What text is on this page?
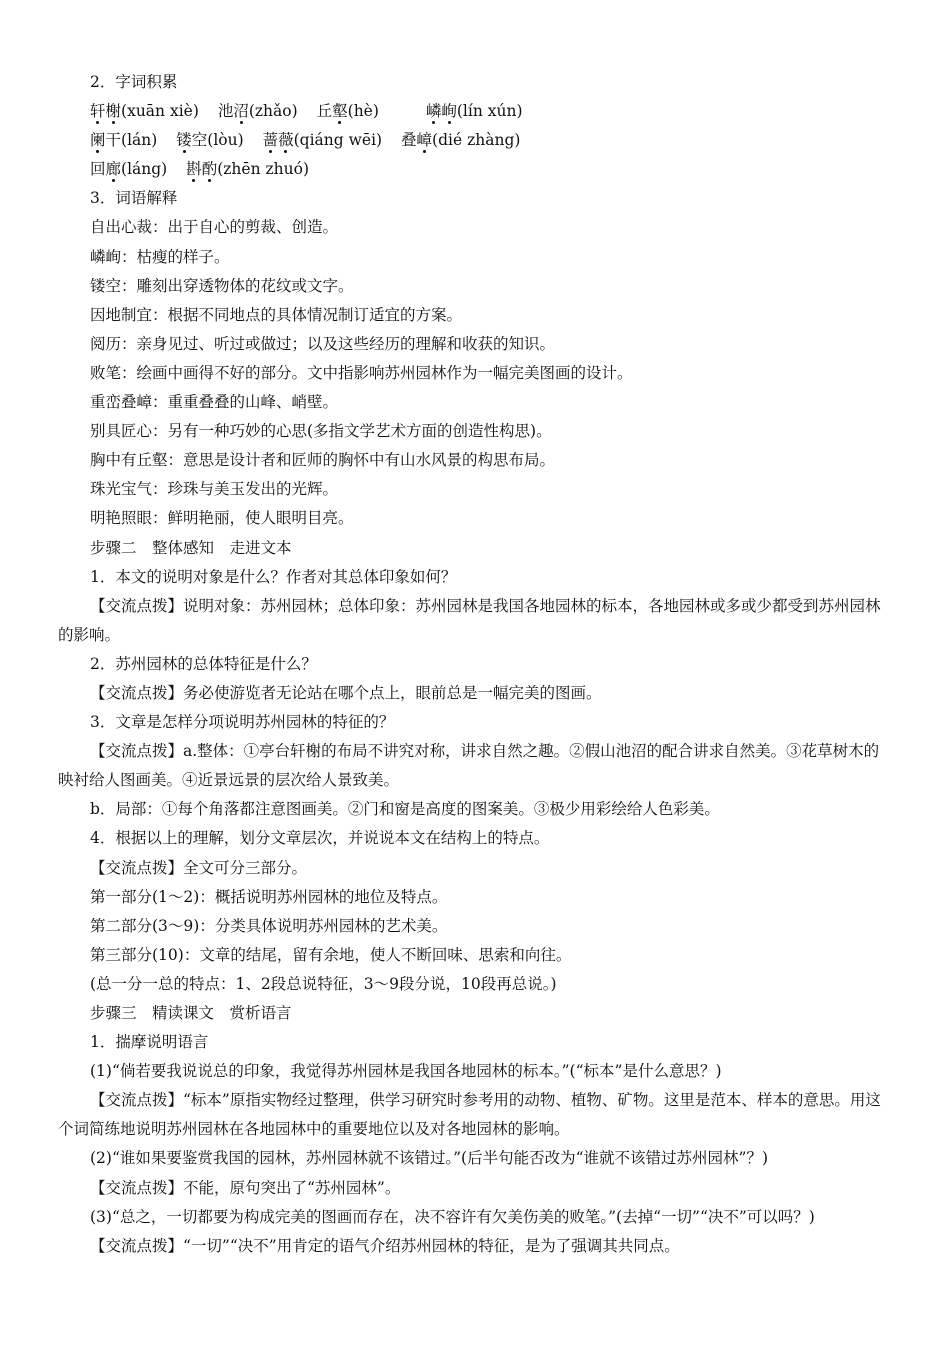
2．字词积累
轩榭(xuān xiè) 池沼(zhǎo) 丘壑(hè)	嶙峋(lín xún)
阑干(lán) 镂空(lòu) 蔷薇(qiáng wēi) 叠嶂(dié zhàng)
回廊(láng) 斟酌(zhēn zhuó)
3．词语解释
自出心裁：出于自心的剪裁、创造。
嶙峋：枯瘦的样子。
镂空：雕刻出穿透物体的花纹或文字。
因地制宜：根据不同地点的具体情况制订适宜的方案。
阅历：亲身见过、听过或做过；以及这些经历的理解和收获的知识。
败笔：绘画中画得不好的部分。文中指影响苏州园林作为一幅完美图画的设计。
重峦叠嶂：重重叠叠的山峰、峭壁。
别具匠心：另有一种巧妙的心思(多指文学艺术方面的创造性构思)。
胸中有丘壑：意思是设计者和匠师的胸怀中有山水风景的构思布局。
珠光宝气：珍珠与美玉发出的光辉。
明艳照眼：鲜明艳丽，使人眼明目亮。
步骤二　整体感知　走进文本
1．本文的说明对象是什么？作者对其总体印象如何？
【交流点拨】说明对象：苏州园林；总体印象：苏州园林是我国各地园林的标本，各地园林或多或少都受到苏州园林的影响。
2．苏州园林的总体特征是什么？
【交流点拨】务必使游览者无论站在哪个点上，眼前总是一幅完美的图画。
3．文章是怎样分项说明苏州园林的特征的？
【交流点拨】a.整体：①亭台轩榭的布局不讲究对称，讲求自然之趣。②假山池沼的配合讲求自然美。③花草树木的映衬给人图画美。④近景远景的层次给人景致美。
b．局部：①每个角落都注意图画美。②门和窗是高度的图案美。③极少用彩绘给人色彩美。
4．根据以上的理解，划分文章层次，并说说本文在结构上的特点。
【交流点拨】全文可分三部分。
第一部分(1～2)：概括说明苏州园林的地位及特点。
第二部分(3～9)：分类具体说明苏州园林的艺术美。
第三部分(10)：文章的结尾，留有余地，使人不断回味、思索和向往。
(总一分一总的特点：1、2段总说特征，3～9段分说，10段再总说。)
步骤三　精读课文　赏析语言
1．揣摩说明语言
(1)“倘若要我说说总的印象，我觉得苏州园林是我国各地园林的标本。”(“标本”是什么意思？)
【交流点拨】“标本”原指实物经过整理，供学习研究时参考用的动物、植物、矿物。这里是范本、样本的意思。用这个词简练地说明苏州园林在各地园林中的重要地位以及对各地园林的影响。
(2)“谁如果要鉴赏我国的园林，苏州园林就不该错过。”(后半句能否改为“谁就不该错过苏州园林”？)
【交流点拨】不能，原句突出了“苏州园林”。
(3)“总之，一切都要为构成完美的图画而存在，决不容许有欠美伤美的败笔。”(去掉“一切”“决不”可以吗？)
【交流点拨】“一切”“决不”用肯定的语气介绍苏州园林的特征，是为了强调其共同点。
